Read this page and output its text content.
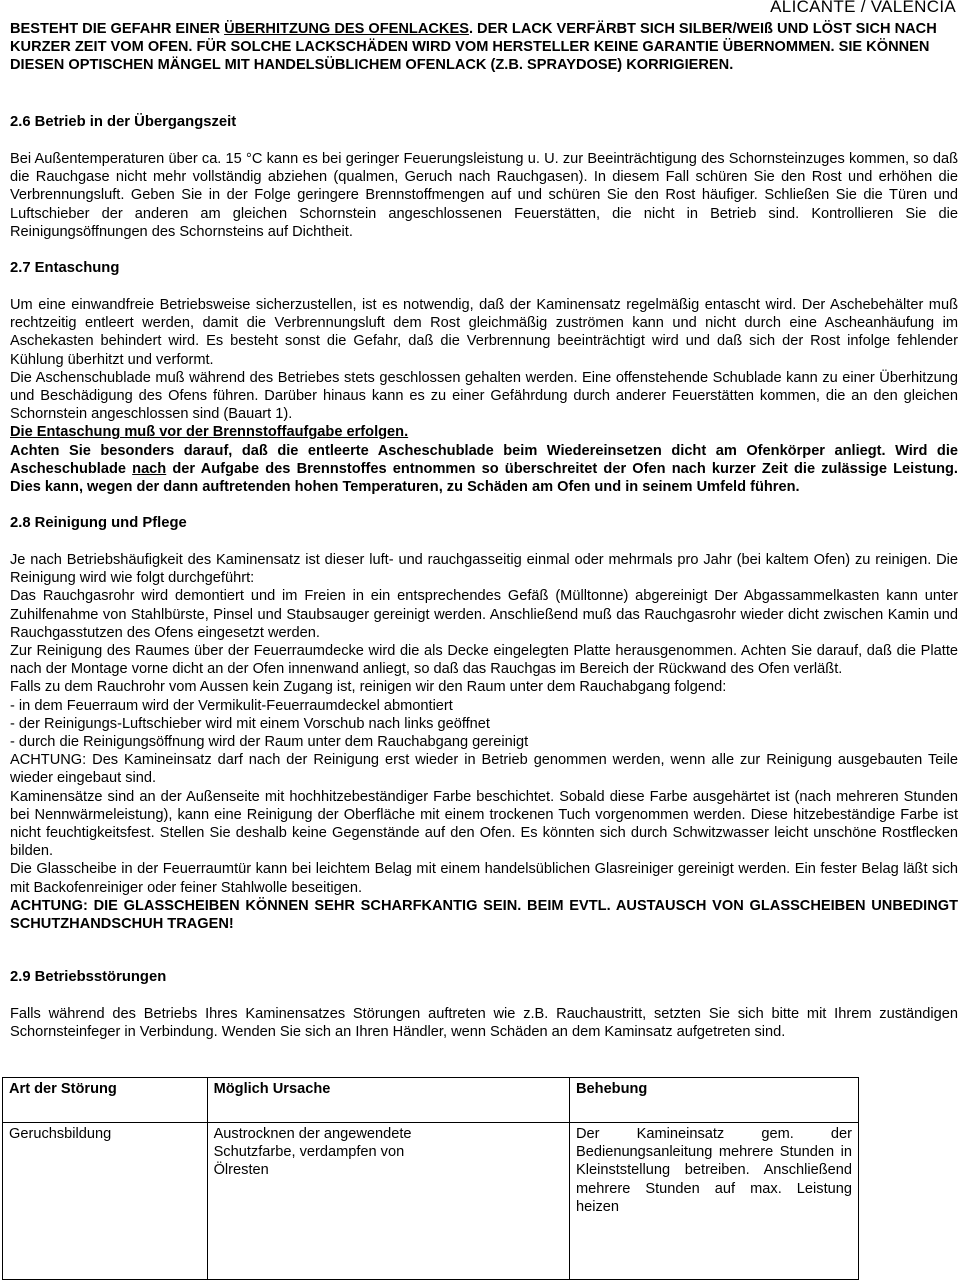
ALICANTE / VALENCIA

BESTEHT DIE GEFAHR EINER ÜBERHITZUNG DES OFENLACKES. DER LACK VERFÄRBT SICH SILBER/WEIß UND LÖST SICH NACH KURZER ZEIT VOM OFEN. FÜR SOLCHE LACKSCHÄDEN WIRD VOM HERSTELLER KEINE GARANTIE ÜBERNOMMEN. SIE KÖNNEN DIESEN OPTISCHEN MÄNGEL MIT HANDELSÜBLICHEM OFENLACK (Z.B. SPRAYDOSE) KORRIGIEREN.

2.6 Betrieb in der Übergangszeit

Bei Außentemperaturen über ca. 15 °C kann es bei geringer Feuerungsleistung u. U. zur Beeinträchtigung des Schornsteinzuges kommen, so daß die Rauchgase nicht mehr vollständig abziehen (qualmen, Geruch nach Rauchgasen). In diesem Fall schüren Sie den Rost und erhöhen die Verbrennungsluft. Geben Sie in der Folge geringere Brennstoffmengen auf und schüren Sie den Rost häufiger. Schließen Sie die Türen und Luftschieber der anderen am gleichen Schornstein angeschlossenen Feuerstätten, die nicht in Betrieb sind. Kontrollieren Sie die Reinigungsöffnungen des Schornsteins auf Dichtheit.

2.7 Entaschung

Um eine einwandfreie Betriebsweise sicherzustellen, ist es notwendig, daß der Kaminensatz regelmäßig entascht wird. Der Aschebehälter muß rechtzeitig entleert werden, damit die Verbrennungsluft dem Rost gleichmäßig zuströmen kann und nicht durch eine Ascheanhäufung im Aschekasten behindert wird. Es besteht sonst die Gefahr, daß die Verbrennung beeinträchtigt wird und daß sich der Rost infolge fehlender Kühlung überhitzt und verformt.

Die Aschenschublade muß während des Betriebes stets geschlossen gehalten werden. Eine offenstehende Schublade kann zu einer Überhitzung und Beschädigung des Ofens führen. Darüber hinaus kann es zu einer Gefährdung durch anderer Feuerstätten kommen, die an den gleichen Schornstein angeschlossen sind (Bauart 1).

Die Entaschung muß vor der Brennstoffaufgabe erfolgen.

Achten Sie besonders darauf, daß die entleerte Ascheschublade beim Wiedereinsetzen dicht am Ofenkörper anliegt. Wird die Ascheschublade nach der Aufgabe des Brennstoffes entnommen so überschreitet der Ofen nach kurzer Zeit die zulässige Leistung. Dies kann, wegen der dann auftretenden hohen Temperaturen, zu Schäden am Ofen und in seinem Umfeld führen.

2.8 Reinigung und Pflege

Je nach Betriebshäufigkeit des Kaminensatz ist dieser luft- und rauchgasseitig einmal oder mehrmals pro Jahr (bei kaltem Ofen) zu reinigen. Die Reinigung wird wie folgt durchgeführt:

Das Rauchgasrohr wird demontiert und im Freien in ein entsprechendes Gefäß (Mülltonne) abgereinigt Der Abgassammelkasten kann unter Zuhilfenahme von Stahlbürste, Pinsel und Staubsauger gereinigt werden. Anschließend muß das Rauchgasrohr wieder dicht zwischen Kamin und Rauchgasstutzen des Ofens eingesetzt werden.

Zur Reinigung des Raumes über der Feuerraumdecke wird die als Decke eingelegten Platte herausgenommen. Achten Sie darauf, daß die Platte nach der Montage vorne dicht an der Ofen innenwand anliegt, so daß das Rauchgas im Bereich der Rückwand des Ofen verläßt.

Falls zu dem Rauchrohr vom Aussen kein Zugang ist, reinigen wir den Raum unter dem Rauchabgang folgend:

- in dem Feuerraum wird der Vermikulit-Feuerraumdeckel abmontiert
- der Reinigungs-Luftschieber wird mit einem Vorschub nach links geöffnet
- durch die Reinigungsöffnung wird der Raum unter dem Rauchabgang gereinigt

ACHTUNG: Des Kamineinsatz darf nach der Reinigung erst wieder in Betrieb genommen werden, wenn alle zur Reinigung ausgebauten Teile wieder eingebaut sind.

Kaminensätze sind an der Außenseite mit hochhitzebeständiger Farbe beschichtet. Sobald diese Farbe ausgehärtet ist (nach mehreren Stunden bei Nennwärmeleistung), kann eine Reinigung der Oberfläche mit einem trockenen Tuch vorgenommen werden. Diese hitzebeständige Farbe ist nicht feuchtigkeitsfest. Stellen Sie deshalb keine Gegenstände auf den Ofen. Es könnten sich durch Schwitzwasser leicht unschöne Rostflecken bilden.

Die Glasscheibe in der Feuerraumtür kann bei leichtem Belag mit einem handelsüblichen Glasreiniger gereinigt werden. Ein fester Belag läßt sich mit Backofenreiniger oder feiner Stahlwolle beseitigen.

ACHTUNG: DIE GLASSCHEIBEN KÖNNEN SEHR SCHARFKANTIG SEIN. BEIM EVTL. AUSTAUSCH VON GLASSCHEIBEN UNBEDINGT SCHUTZHANDSCHUH TRAGEN!

2.9 Betriebsstörungen

Falls während des Betriebs Ihres Kaminensatzes Störungen auftreten wie z.B. Rauchaustritt, setzten Sie sich bitte mit Ihrem zuständigen Schornsteinfeger in Verbindung. Wenden Sie sich an Ihren Händler, wenn Schäden an dem Kaminsatz aufgetreten sind.

Art der Störung	Möglich Ursache	Behebung
Geruchsbildung	Austrocknen der angewendete Schutzfarbe, verdampfen von Ölresten	Der Kamineinsatz gem. der Bedienungsanleitung mehrere Stunden in Kleinststellung betreiben. Anschließend mehrere Stunden auf max. Leistung heizen
